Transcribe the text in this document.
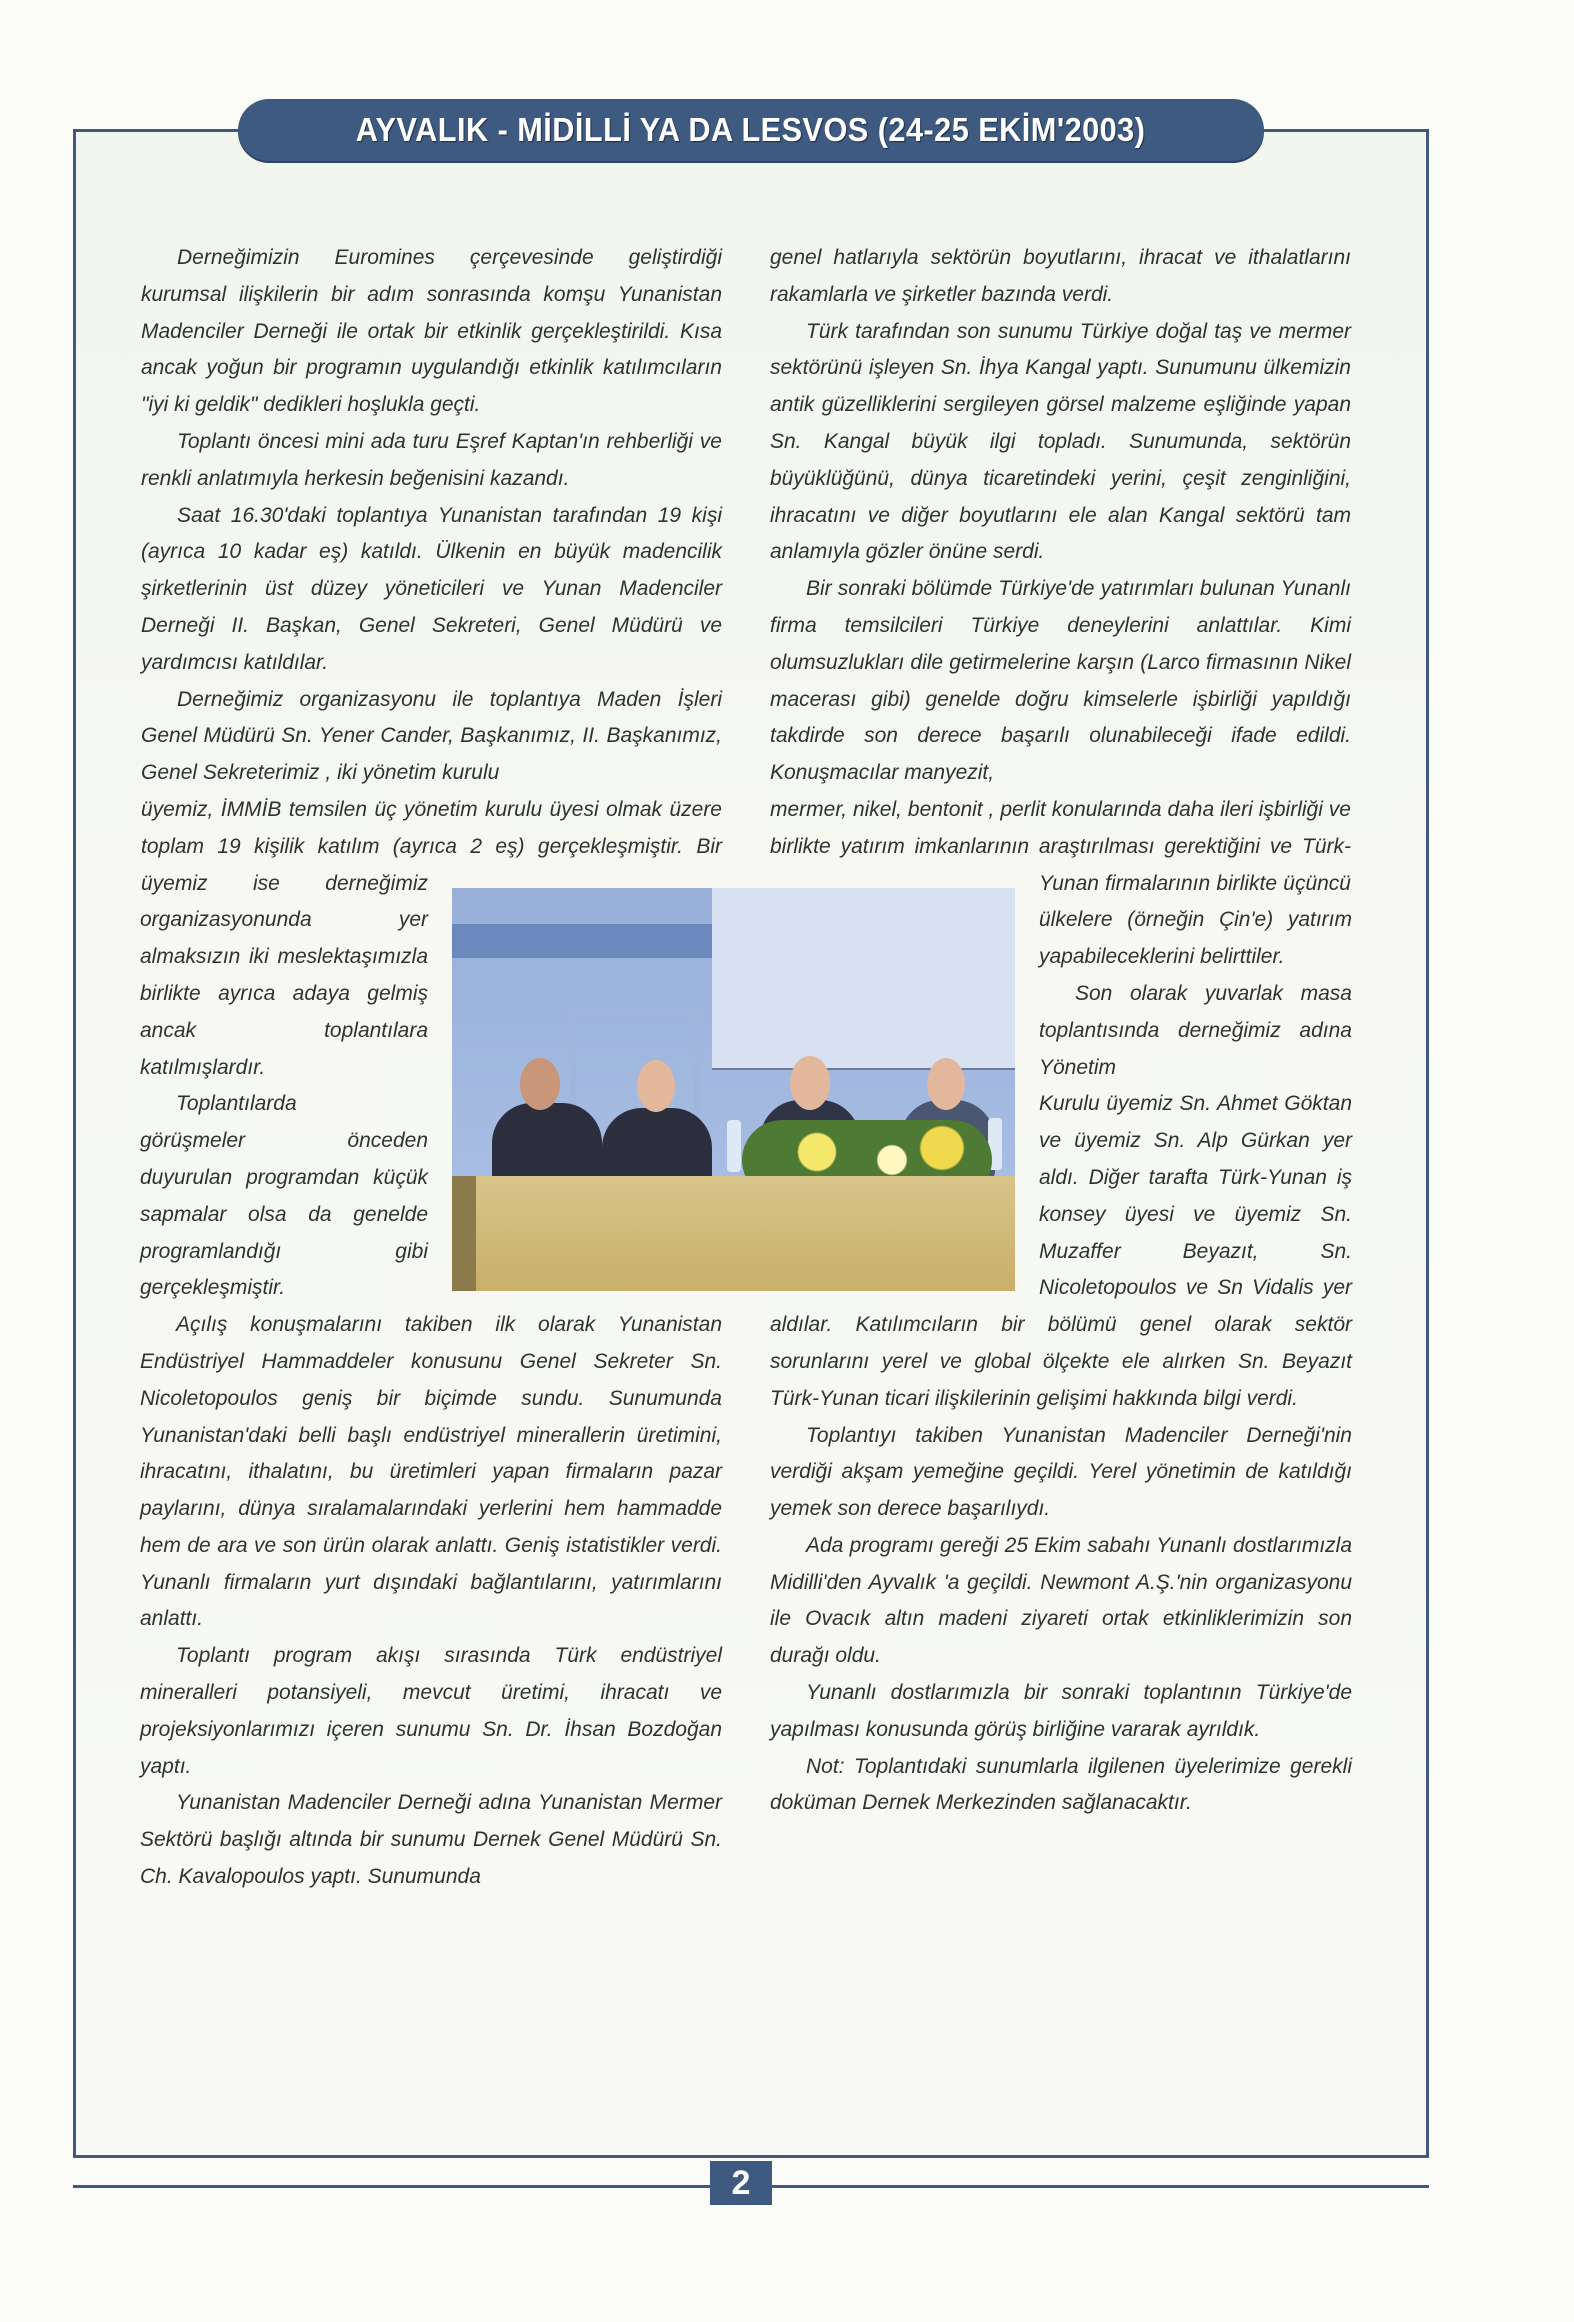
AYVALIK - MİDİLLİ YA DA LESVOS (24-25 EKİM'2003)

Derneğimizin Euromines çerçevesinde geliştirdiği kurumsal ilişkilerin bir adım sonrasında komşu Yunanistan Madenciler Derneği ile ortak bir etkinlik gerçekleştirildi. Kısa ancak yoğun bir programın uygulandığı etkinlik katılımcıların "iyi ki geldik" dedikleri hoşlukla geçti.

Toplantı öncesi mini ada turu Eşref Kaptan'ın rehberliği ve renkli anlatımıyla herkesin beğenisini kazandı.

Saat 16.30'daki toplantıya Yunanistan tarafından 19 kişi (ayrıca 10 kadar eş) katıldı. Ülkenin en büyük madencilik şirketlerinin üst düzey yöneticileri ve Yunan Madenciler Derneği II. Başkan, Genel Sekreteri, Genel Müdürü ve yardımcısı katıldılar.

Derneğimiz organizasyonu ile toplantıya Maden İşleri Genel Müdürü Sn. Yener Cander, Başkanımız, II. Başkanımız, Genel Sekreterimiz , iki yönetim kurulu

üyemiz, İMMİB temsilen üç yönetim kurulu üyesi olmak üzere toplam 19 kişilik katılım (ayrıca 2 eş) gerçekleşmiştir. Bir üyemiz ise derneğimiz organizasyonunda yer almaksızın iki meslektaşımızla birlikte ayrıca adaya gelmiş ancak toplantılara katılmışlardır.

Toplantılarda

görüşmeler önceden duyurulan programdan küçük sapmalar olsa da genelde programlandığı gibi gerçekleşmiştir.

Açılış konuşmalarını takiben ilk olarak Yunanistan Endüstriyel Hammaddeler konusunu Genel Sekreter Sn. Nicoletopoulos geniş bir biçimde sundu. Sunumunda Yunanistan'daki belli başlı endüstriyel minerallerin üretimini, ihracatını, ithalatını, bu üretimleri yapan firmaların pazar paylarını, dünya sıralamalarındaki yerlerini hem hammadde hem de ara ve son ürün olarak anlattı. Geniş istatistikler verdi. Yunanlı firmaların yurt dışındaki bağlantılarını, yatırımlarını anlattı.

Toplantı program akışı sırasında Türk endüstriyel mineralleri potansiyeli, mevcut üretimi, ihracatı ve projeksiyonlarımızı içeren sunumu Sn. Dr. İhsan Bozdoğan yaptı.

Yunanistan Madenciler Derneği adına Yunanistan Mermer Sektörü başlığı altında bir sunumu Dernek Genel Müdürü Sn. Ch. Kavalopoulos yaptı. Sunumunda

genel hatlarıyla sektörün boyutlarını, ihracat ve ithalatlarını rakamlarla ve şirketler bazında verdi.

Türk tarafından son sunumu Türkiye doğal taş ve mermer sektörünü işleyen Sn. İhya Kangal yaptı. Sunumunu ülkemizin antik güzelliklerini sergileyen görsel malzeme eşliğinde yapan Sn. Kangal büyük ilgi topladı. Sunumunda, sektörün büyüklüğünü, dünya ticaretindeki yerini, çeşit zenginliğini, ihracatını ve diğer boyutlarını ele alan Kangal sektörü tam anlamıyla gözler önüne serdi.

Bir sonraki bölümde Türkiye'de yatırımları bulunan Yunanlı firma temsilcileri Türkiye deneylerini anlattılar. Kimi olumsuzlukları dile getirmelerine karşın (Larco firmasının Nikel macerası gibi) genelde doğru kimselerle işbirliği yapıldığı takdirde son derece başarılı olunabileceği ifade edildi. Konuşmacılar manyezit,

mermer, nikel, bentonit , perlit konularında daha ileri işbirliği ve birlikte yatırım imkanlarının araştırılması gerektiğini ve Türk-Yunan firmalarının birlikte üçüncü ülkelere (örneğin Çin'e) yatırım yapabileceklerini belirttiler.

Son olarak yuvarlak masa toplantısında derneğimiz adına Yönetim

Kurulu üyemiz Sn. Ahmet Göktan ve üyemiz Sn. Alp Gürkan yer aldı. Diğer tarafta Türk-Yunan iş konsey üyesi ve üyemiz Sn. Muzaffer Beyazıt, Sn. Nicoletopoulos ve Sn Vidalis yer aldılar. Katılımcıların bir bölümü genel olarak sektör sorunlarını yerel ve global ölçekte ele alırken Sn. Beyazıt Türk-Yunan ticari ilişkilerinin gelişimi hakkında bilgi verdi.

Toplantıyı takiben Yunanistan Madenciler Derneği'nin verdiği akşam yemeğine geçildi. Yerel yönetimin de katıldığı yemek son derece başarılıydı.

Ada programı gereği 25 Ekim sabahı Yunanlı dostlarımızla Midilli'den Ayvalık 'a geçildi. Newmont A.Ş.'nin organizasyonu ile Ovacık altın madeni ziyareti ortak etkinliklerimizin son durağı oldu.

Yunanlı dostlarımızla bir sonraki toplantının Türkiye'de yapılması konusunda görüş birliğine vararak ayrıldık.

Not: Toplantıdaki sunumlarla ilgilenen üyelerimize gerekli doküman Dernek Merkezinden sağlanacaktır.

2
